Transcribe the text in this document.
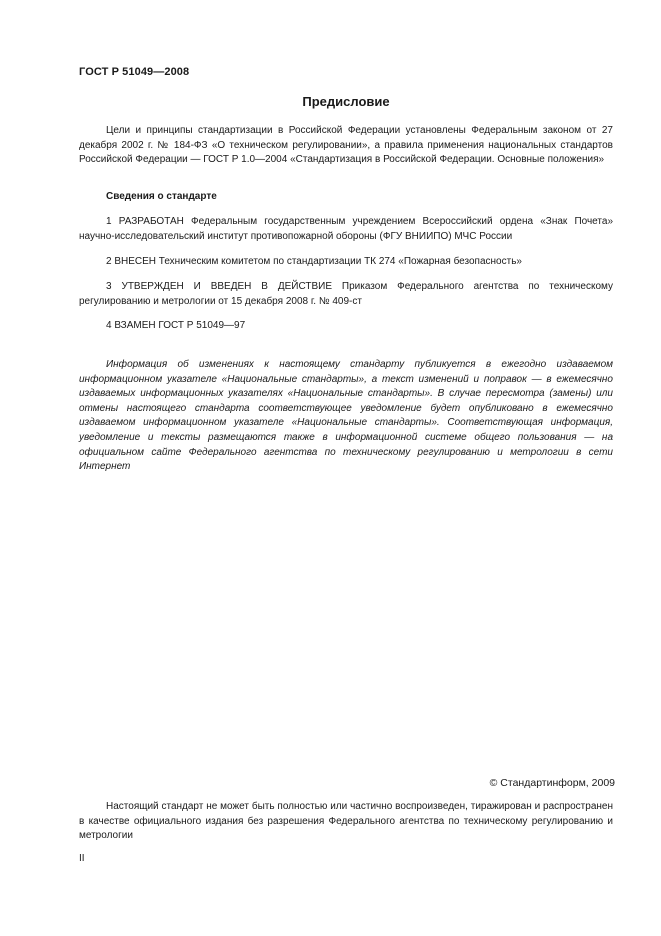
ГОСТ Р 51049—2008
Предисловие

Цели и принципы стандартизации в Российской Федерации установлены Федеральным законом от 27 декабря 2002 г. № 184-ФЗ «О техническом регулировании», а правила применения национальных стандартов Российской Федерации — ГОСТ Р 1.0—2004 «Стандартизация в Российской Федерации. Основные положения»

Сведения о стандарте

1 РАЗРАБОТАН Федеральным государственным учреждением Всероссийский ордена «Знак Почета» научно-исследовательский институт противопожарной обороны (ФГУ ВНИИПО) МЧС России

2 ВНЕСЕН Техническим комитетом по стандартизации ТК 274 «Пожарная безопасность»

3 УТВЕРЖДЕН И ВВЕДЕН В ДЕЙСТВИЕ Приказом Федерального агентства по техническому регулированию и метрологии от 15 декабря 2008 г. № 409-ст

4 ВЗАМЕН ГОСТ Р 51049—97

Информация об изменениях к настоящему стандарту публикуется в ежегодно издаваемом информационном указателе «Национальные стандарты», а текст изменений и поправок — в ежемесячно издаваемых информационных указателях «Национальные стандарты». В случае пересмотра (замены) или отмены настоящего стандарта соответствующее уведомление будет опубликовано в ежемесячно издаваемом информационном указателе «Национальные стандарты». Соответствующая информация, уведомление и тексты размещаются также в информационной системе общего пользования — на официальном сайте Федерального агентства по техническому регулированию и метрологии в сети Интернет

© Стандартинформ, 2009

Настоящий стандарт не может быть полностью или частично воспроизведен, тиражирован и распространен в качестве официального издания без разрешения Федерального агентства по техническому регулированию и метрологии

II
